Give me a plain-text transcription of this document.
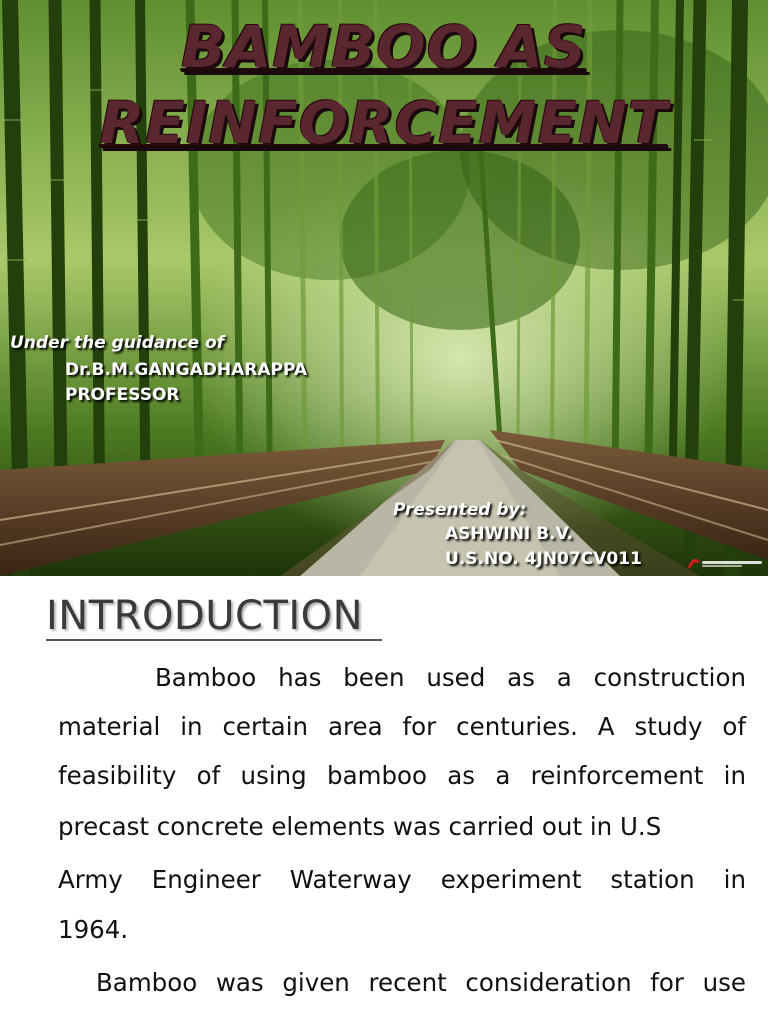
BAMBOO AS
REINFORCEMENT

Under the guidance of

Dr.B.M.GANGADHARAPPA

PROFESSOR

Presented by:

ASHWINI B.V.

U.S.NO. 4JN07CV011

INTRODUCTION

Bamboo has been used as a construction

material in certain area for centuries. A study of

feasibility of using bamboo as a reinforcement in

precast concrete elements was carried out in U.S

Army Engineer Waterway experiment station in

1964.

Bamboo was given recent consideration for use
